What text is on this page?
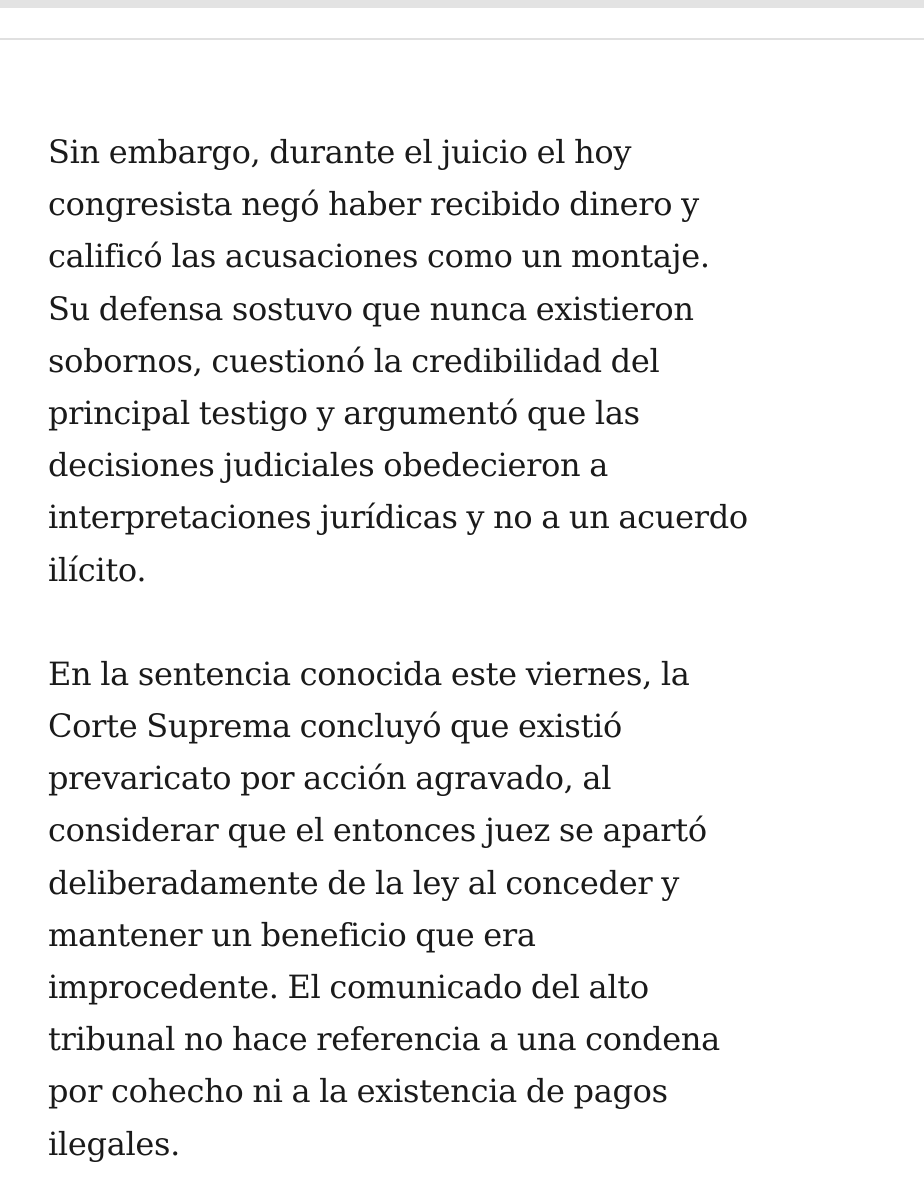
Sin embargo, durante el juicio el hoy
congresista negó haber recibido dinero y
calificó las acusaciones como un montaje.
Su defensa sostuvo que nunca existieron
sobornos, cuestionó la credibilidad del
principal testigo y argumentó que las
decisiones judiciales obedecieron a
interpretaciones jurídicas y no a un acuerdo
ilícito.

En la sentencia conocida este viernes, la
Corte Suprema concluyó que existió
prevaricato por acción agravado, al
considerar que el entonces juez se apartó
deliberadamente de la ley al conceder y
mantener un beneficio que era
improcedente. El comunicado del alto
tribunal no hace referencia a una condena
por cohecho ni a la existencia de pagos
ilegales.
